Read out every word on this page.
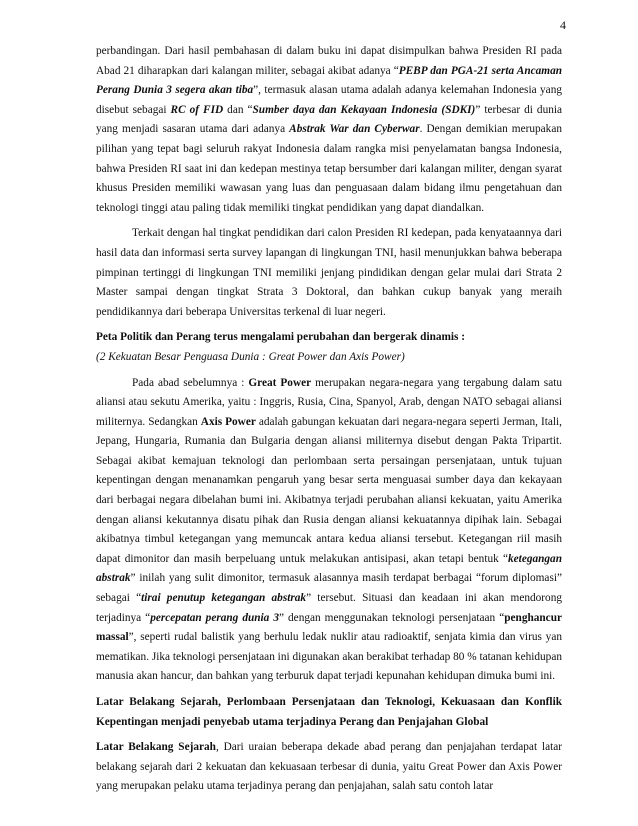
4

perbandingan. Dari hasil pembahasan di dalam buku ini dapat disimpulkan bahwa Presiden RI pada Abad 21 diharapkan dari kalangan militer, sebagai akibat adanya “PEBP dan PGA-21 serta Ancaman Perang Dunia 3 segera akan tiba”, termasuk alasan utama adalah adanya kelemahan Indonesia yang disebut sebagai RC of FID dan “Sumber daya dan Kekayaan Indonesia (SDKI)” terbesar di dunia yang menjadi sasaran utama dari adanya Abstrak War dan Cyberwar. Dengan demikian merupakan pilihan yang tepat bagi seluruh rakyat Indonesia dalam rangka misi penyelamatan bangsa Indonesia, bahwa Presiden RI saat ini dan kedepan mestinya tetap bersumber dari kalangan militer, dengan syarat khusus Presiden memiliki wawasan yang luas dan penguasaan dalam bidang ilmu pengetahuan dan teknologi tinggi atau paling tidak memiliki tingkat pendidikan yang dapat diandalkan.

Terkait dengan hal tingkat pendidikan dari calon Presiden RI kedepan, pada kenyataannya dari hasil data dan informasi serta survey lapangan di lingkungan TNI, hasil menunjukkan bahwa beberapa pimpinan tertinggi di lingkungan TNI memiliki jenjang pindidikan dengan gelar mulai dari Strata 2 Master sampai dengan tingkat Strata 3 Doktoral, dan bahkan cukup banyak yang meraih pendidikannya dari beberapa Universitas terkenal di luar negeri.

Peta Politik dan Perang terus mengalami perubahan dan bergerak dinamis :

(2 Kekuatan Besar Penguasa Dunia : Great Power dan Axis Power)

Pada abad sebelumnya : Great Power merupakan negara-negara yang tergabung dalam satu aliansi atau sekutu Amerika, yaitu : Inggris, Rusia, Cina, Spanyol, Arab, dengan NATO sebagai aliansi militernya. Sedangkan Axis Power adalah gabungan kekuatan dari negara-negara seperti Jerman, Itali, Jepang, Hungaria, Rumania dan Bulgaria dengan aliansi militernya disebut dengan Pakta Tripartit. Sebagai akibat kemajuan teknologi dan perlombaan serta persaingan persenjataan, untuk tujuan kepentingan dengan menanamkan pengaruh yang besar serta menguasai sumber daya dan kekayaan dari berbagai negara dibelahan bumi ini. Akibatnya terjadi perubahan aliansi kekuatan, yaitu Amerika dengan aliansi kekutannya disatu pihak dan Rusia dengan aliansi kekuatannya dipihak lain. Sebagai akibatnya timbul ketegangan yang memuncak antara kedua aliansi tersebut. Ketegangan riil masih dapat dimonitor dan masih berpeluang untuk melakukan antisipasi, akan tetapi bentuk “ketegangan abstrak” inilah yang sulit dimonitor, termasuk alasannya masih terdapat berbagai “forum diplomasi” sebagai “tirai penutup ketegangan abstrak” tersebut. Situasi dan keadaan ini akan mendorong terjadinya “percepatan perang dunia 3” dengan menggunakan teknologi persenjataan “penghancur massal”, seperti rudal balistik yang berhulu ledak nuklir atau radioaktif, senjata kimia dan virus yan mematikan. Jika teknologi persenjataan ini digunakan akan berakibat terhadap 80 % tatanan kehidupan manusia akan hancur, dan bahkan yang terburuk dapat terjadi kepunahan kehidupan dimuka bumi ini.

Latar Belakang Sejarah, Perlombaan Persenjataan dan Teknologi, Kekuasaan dan Konflik Kepentingan menjadi penyebab utama terjadinya Perang dan Penjajahan Global

Latar Belakang Sejarah, Dari uraian beberapa dekade abad perang dan penjajahan terdapat latar belakang sejarah dari 2 kekuatan dan kekuasaan terbesar di dunia, yaitu Great Power dan Axis Power yang merupakan pelaku utama terjadinya perang dan penjajahan, salah satu contoh latar
